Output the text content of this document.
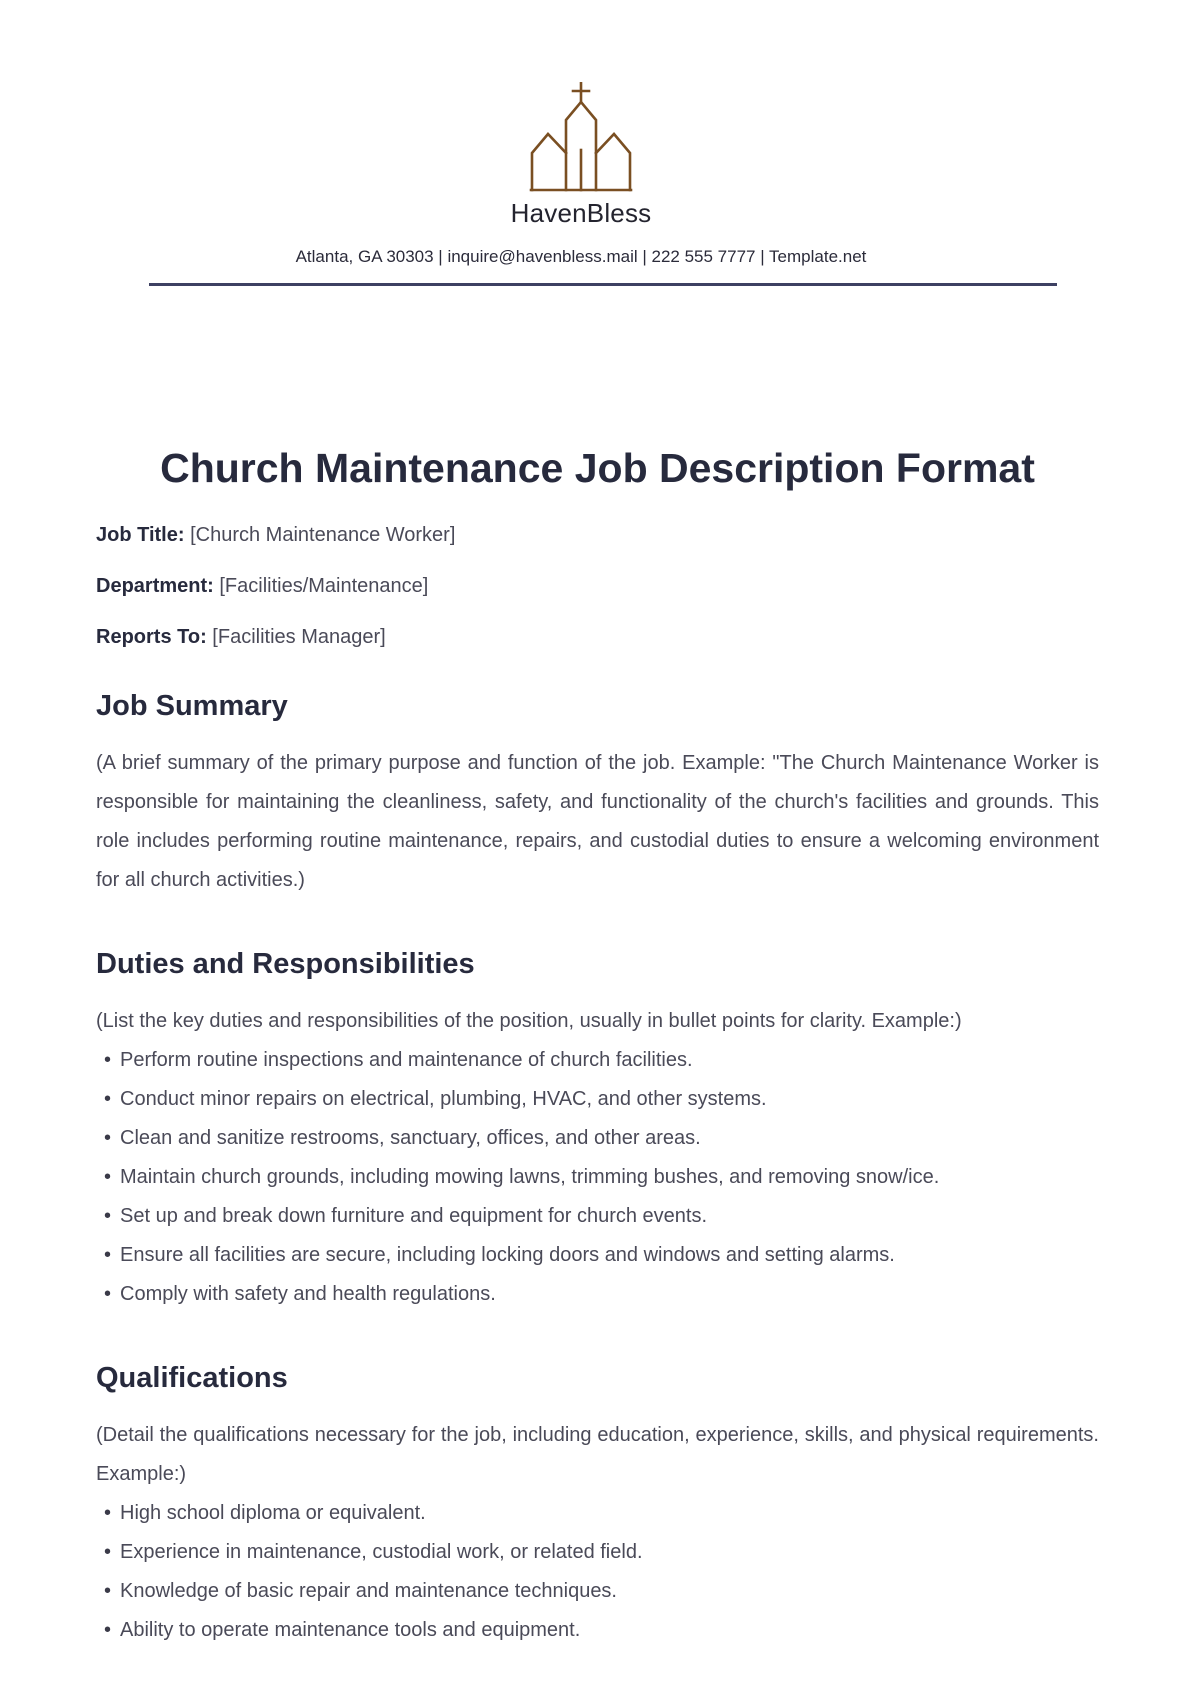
HavenBless
Atlanta, GA 30303 | inquire@havenbless.mail | 222 555 7777 | Template.net
Church Maintenance Job Description Format

Job Title: [Church Maintenance Worker]

Department: [Facilities/Maintenance]

Reports To: [Facilities Manager]

Job Summary

(A brief summary of the primary purpose and function of the job. Example: "The Church Maintenance Worker is responsible for maintaining the cleanliness, safety, and functionality of the church's facilities and grounds. This role includes performing routine maintenance, repairs, and custodial duties to ensure a welcoming environment for all church activities.)

Duties and Responsibilities

(List the key duties and responsibilities of the position, usually in bullet points for clarity. Example:)

• Perform routine inspections and maintenance of church facilities.
• Conduct minor repairs on electrical, plumbing, HVAC, and other systems.
• Clean and sanitize restrooms, sanctuary, offices, and other areas.
• Maintain church grounds, including mowing lawns, trimming bushes, and removing snow/ice.
• Set up and break down furniture and equipment for church events.
• Ensure all facilities are secure, including locking doors and windows and setting alarms.
• Comply with safety and health regulations.
Qualifications

(Detail the qualifications necessary for the job, including education, experience, skills, and physical requirements. Example:)

• High school diploma or equivalent.
• Experience in maintenance, custodial work, or related field.
• Knowledge of basic repair and maintenance techniques.
• Ability to operate maintenance tools and equipment.
